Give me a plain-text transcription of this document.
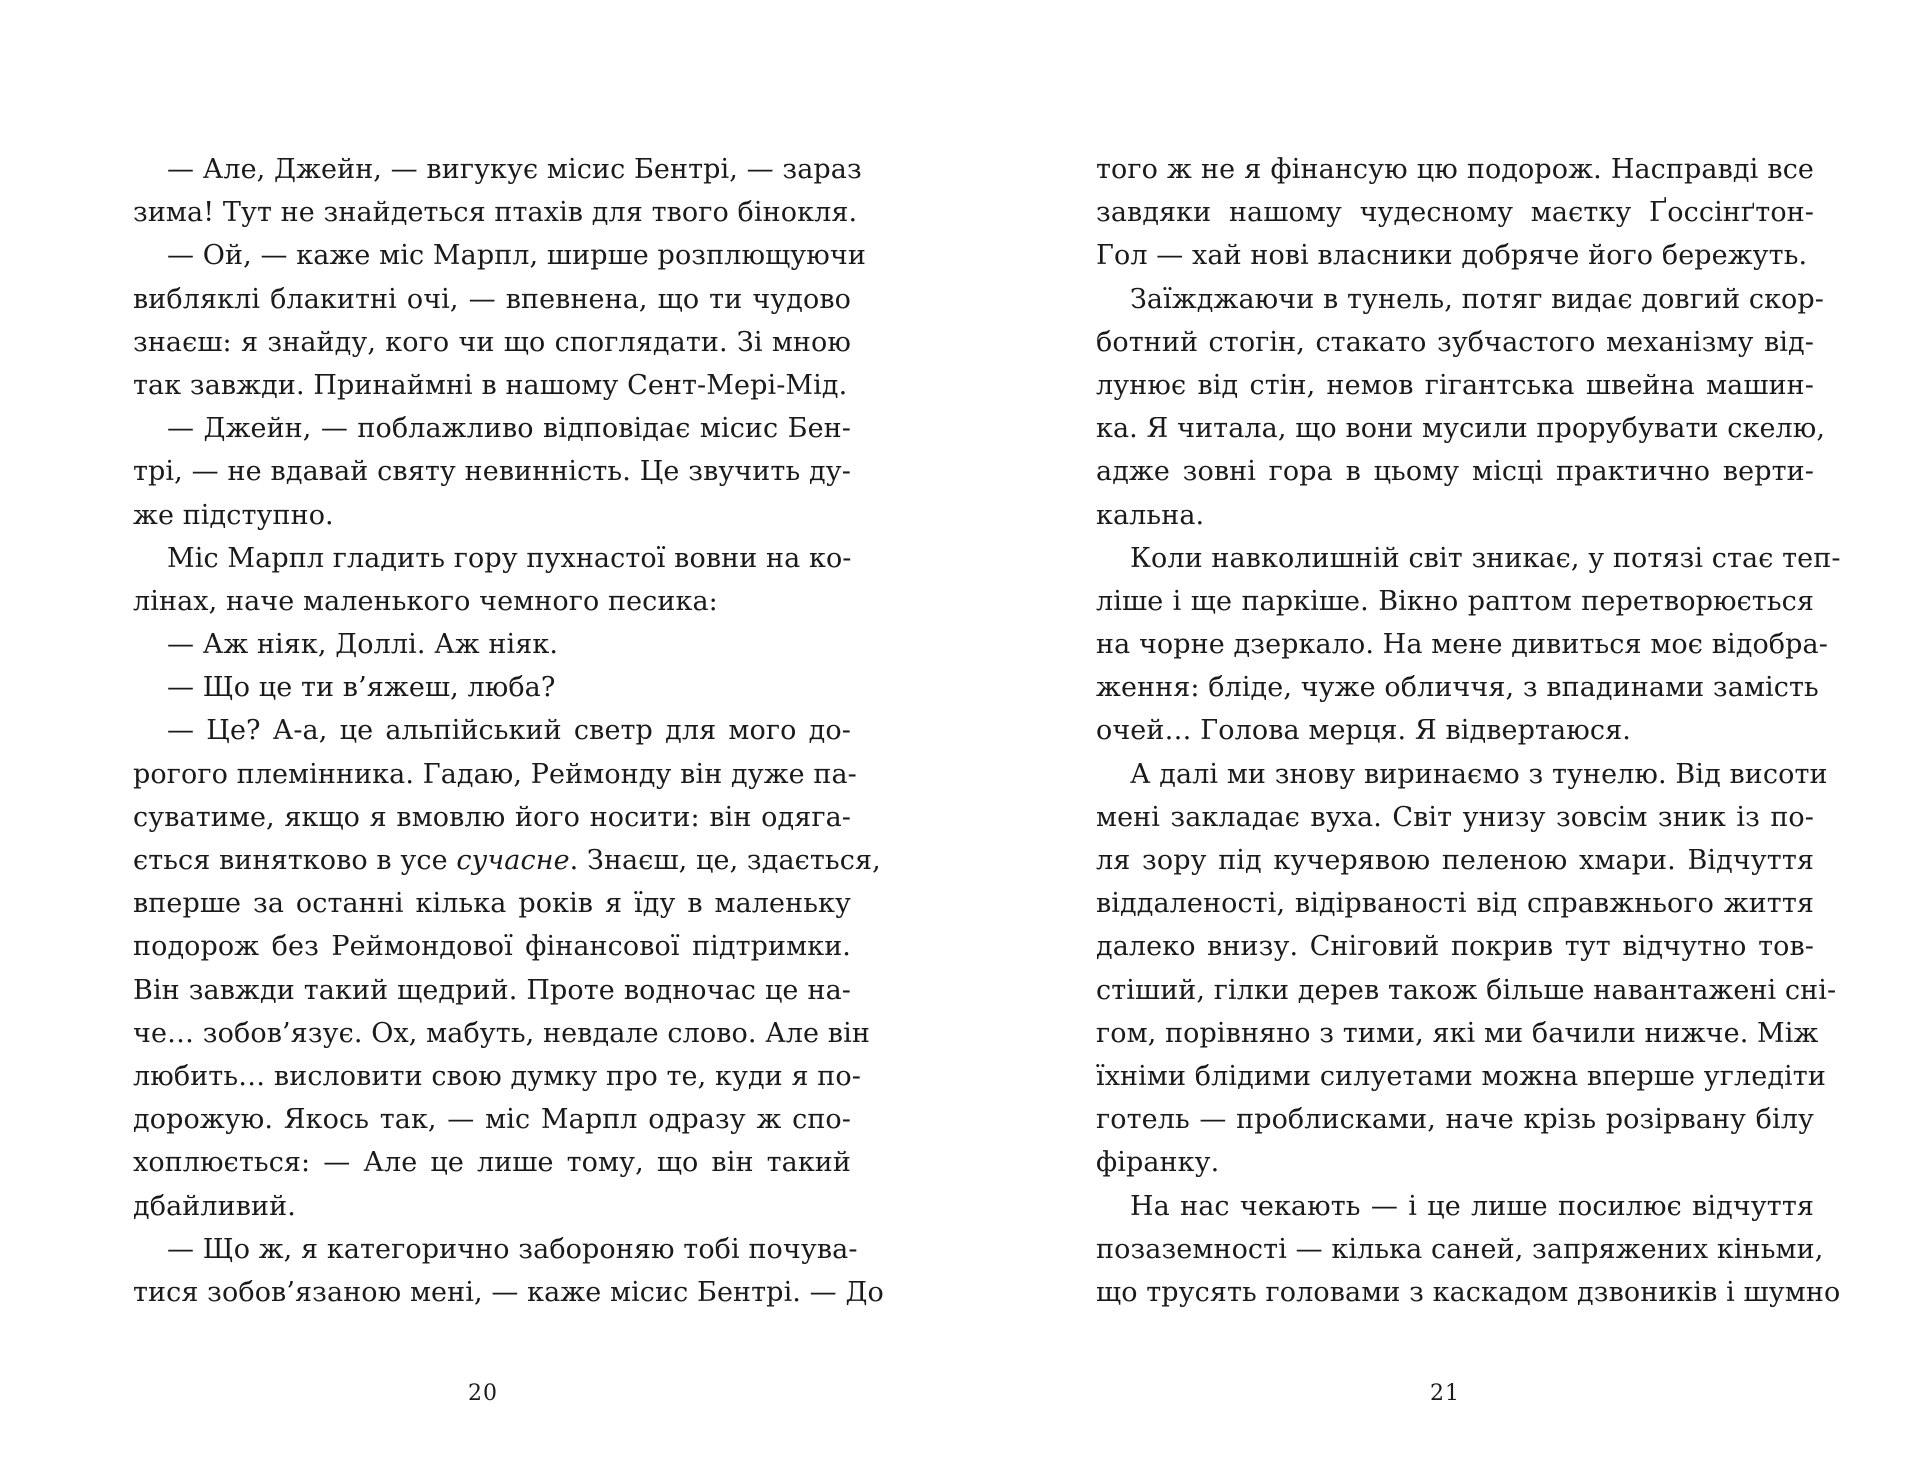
— Але, Джейн, — вигукує місис Бентрі, — зараз
зима! Тут не знайдеться птахів для твого бінокля.
— Ой, — каже міс Марпл, ширше розплющуючи
вибляклі блакитні очі, — впевнена, що ти чудово
знаєш: я знайду, кого чи що споглядати. Зі мною
так завжди. Принаймні в нашому Сент-Мері-Мід.
— Джейн, — поблажливо відповідає місис Бен-
трі, — не вдавай святу невинність. Це звучить ду-
же підступно.
Міс Марпл гладить гору пухнастої вовни на ко-
лінах, наче маленького чемного песика:
— Аж ніяк, Доллі. Аж ніяк.
— Що це ти в’яжеш, люба?
— Це? А-а, це альпійський светр для мого до-
рогого племінника. Гадаю, Реймонду він дуже па-
суватиме, якщо я вмовлю його носити: він одяга-
ється винятково в усе сучасне. Знаєш, це, здається,
вперше за останні кілька років я їду в маленьку
подорож без Реймондової фінансової підтримки.
Він завжди такий щедрий. Проте водночас це на-
че… зобов’язує. Ох, мабуть, невдале слово. Але він
любить… висловити свою думку про те, куди я по-
дорожую. Якось так, — міс Марпл одразу ж спо-
хоплюється: — Але це лише тому, що він такий
дбайливий.
— Що ж, я категорично забороняю тобі почува-
тися зобов’язаною мені, — каже місис Бентрі. — До
того ж не я фінансую цю подорож. Насправді все
завдяки нашому чудесному маєтку Ґоссінґтон-
Гол — хай нові власники добряче його бережуть.
Заїжджаючи в тунель, потяг видає довгий скор-
ботний стогін, стакато зубчастого механізму від-
лунює від стін, немов гігантська швейна машин-
ка. Я читала, що вони мусили прорубувати скелю,
адже зовні гора в цьому місці практично верти-
кальна.
Коли навколишній світ зникає, у потязі стає теп-
ліше і ще паркіше. Вікно раптом перетворюється
на чорне дзеркало. На мене дивиться моє відобра-
ження: бліде, чуже обличчя, з впадинами замість
очей… Голова мерця. Я відвертаюся.
А далі ми знову виринаємо з тунелю. Від висоти
мені закладає вуха. Світ унизу зовсім зник із по-
ля зору під кучерявою пеленою хмари. Відчуття
віддаленості, відірваності від справжнього життя
далеко внизу. Сніговий покрив тут відчутно тов-
стіший, гілки дерев також більше навантажені сні-
гом, порівняно з тими, які ми бачили нижче. Між
їхніми блідими силуетами можна вперше угледіти
готель — проблисками, наче крізь розірвану білу
фіранку.
На нас чекають — і це лише посилює відчуття
позаземності — кілька саней, запряжених кіньми,
що трусять головами з каскадом дзвоників і шумно
20	21
